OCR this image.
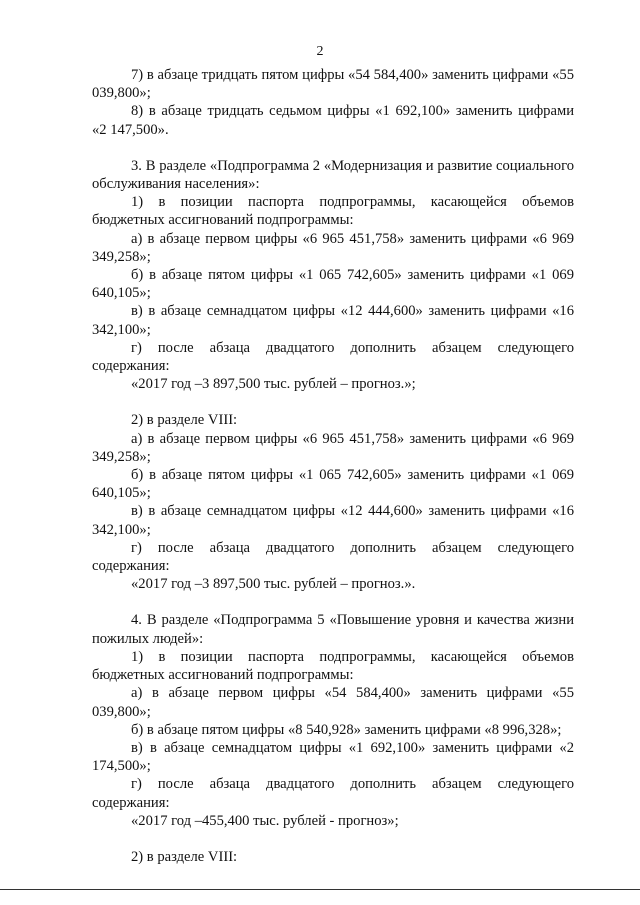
2

7) в абзаце тридцать пятом цифры «54 584,400» заменить цифрами «55 039,800»;

8) в абзаце тридцать седьмом цифры «1 692,100» заменить цифрами «2 147,500».

3. В разделе «Подпрограмма 2 «Модернизация и развитие социального обслуживания населения»:

1) в позиции паспорта подпрограммы, касающейся объемов бюджетных ассигнований подпрограммы:

а) в абзаце первом цифры «6 965 451,758» заменить цифрами «6 969 349,258»;

б) в абзаце пятом цифры «1 065 742,605» заменить цифрами «1 069 640,105»;

в) в абзаце семнадцатом цифры «12 444,600» заменить цифрами «16 342,100»;

г) после абзаца двадцатого дополнить абзацем следующего содержания:

«2017 год –3 897,500 тыс. рублей – прогноз.»;

2) в разделе VIII:

а) в абзаце первом цифры «6 965 451,758» заменить цифрами «6 969 349,258»;

б) в абзаце пятом цифры «1 065 742,605» заменить цифрами «1 069 640,105»;

в) в абзаце семнадцатом цифры «12 444,600» заменить цифрами «16 342,100»;

г) после абзаца двадцатого дополнить абзацем следующего содержания:

«2017 год –3 897,500 тыс. рублей – прогноз.».

4. В разделе «Подпрограмма 5 «Повышение уровня и качества жизни пожилых людей»:

1) в позиции паспорта подпрограммы, касающейся объемов бюджетных ассигнований подпрограммы:

а) в абзаце первом цифры «54 584,400» заменить цифрами «55 039,800»;

б) в абзаце пятом цифры «8 540,928» заменить цифрами «8 996,328»;

в) в абзаце семнадцатом цифры «1 692,100» заменить цифрами «2 174,500»;

г) после абзаца двадцатого дополнить абзацем следующего содержания:

«2017 год –455,400 тыс. рублей - прогноз»;

2) в разделе VIII:
